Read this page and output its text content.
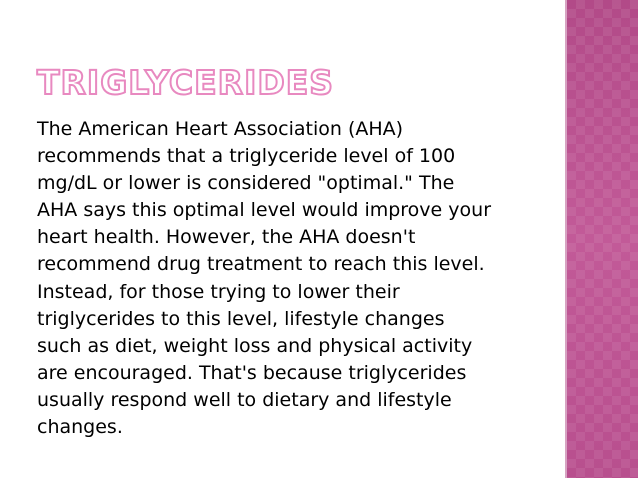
TRIGLYCERIDES

The American Heart Association (AHA)
recommends that a triglyceride level of 100
mg/dL or lower is considered "optimal." The
AHA says this optimal level would improve your
heart health. However, the AHA doesn't
recommend drug treatment to reach this level.
Instead, for those trying to lower their
triglycerides to this level, lifestyle changes
such as diet, weight loss and physical activity
are encouraged. That's because triglycerides
usually respond well to dietary and lifestyle
changes.
